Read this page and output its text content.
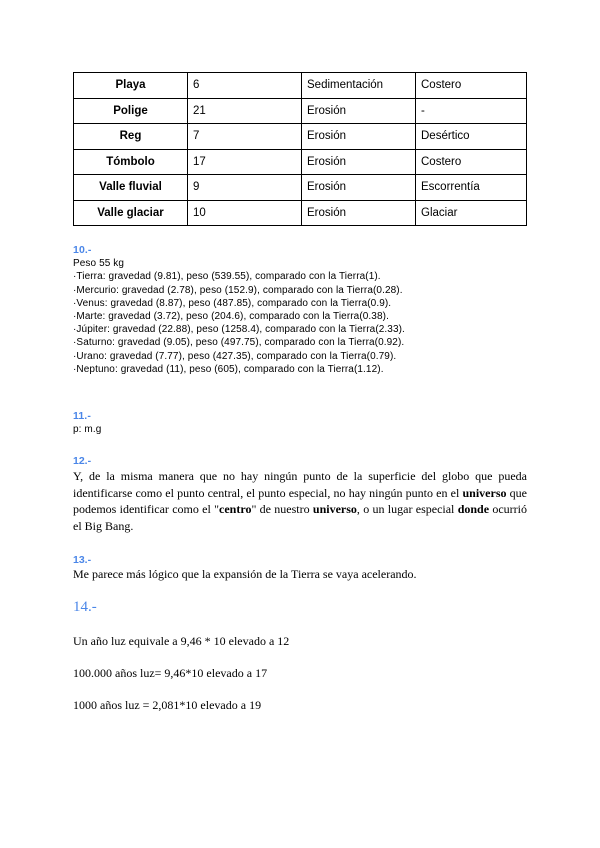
Playa	6	Sedimentación	Costero
Polige	21	Erosión	-
Reg	7	Erosión	Desértico
Tómbolo	17	Erosión	Costero
Valle fluvial	9	Erosión	Escorrentía
Valle glaciar	10	Erosión	Glaciar
10.-
Peso 55 kg
·Tierra: gravedad (9.81), peso (539.55), comparado con la Tierra(1).
·Mercurio: gravedad (2.78), peso (152.9), comparado con la Tierra(0.28).
·Venus: gravedad (8.87), peso (487.85), comparado con la Tierra(0.9).
·Marte: gravedad (3.72), peso (204.6), comparado con la Tierra(0.38).
·Júpiter: gravedad (22.88), peso (1258.4), comparado con la Tierra(2.33).
·Saturno: gravedad (9.05), peso (497.75), comparado con la Tierra(0.92).
·Urano: gravedad (7.77), peso (427.35), comparado con la Tierra(0.79).
·Neptuno: gravedad (11), peso (605), comparado con la Tierra(1.12).
11.-
p: m.g
12.-

Y, de la misma manera que no hay ningún punto de la superficie del globo que pueda identificarse como el punto central, el punto especial, no hay ningún punto en el universo que podemos identificar como el "centro" de nuestro universo, o un lugar especial donde ocurrió el Big Bang.

13.-
Me parece más lógico que la expansión de la Tierra se vaya acelerando.
14.-
Un año luz equivale a 9,46 * 10 elevado a 12
100.000 años luz= 9,46*10 elevado a 17
1000 años luz = 2,081*10 elevado a 19
